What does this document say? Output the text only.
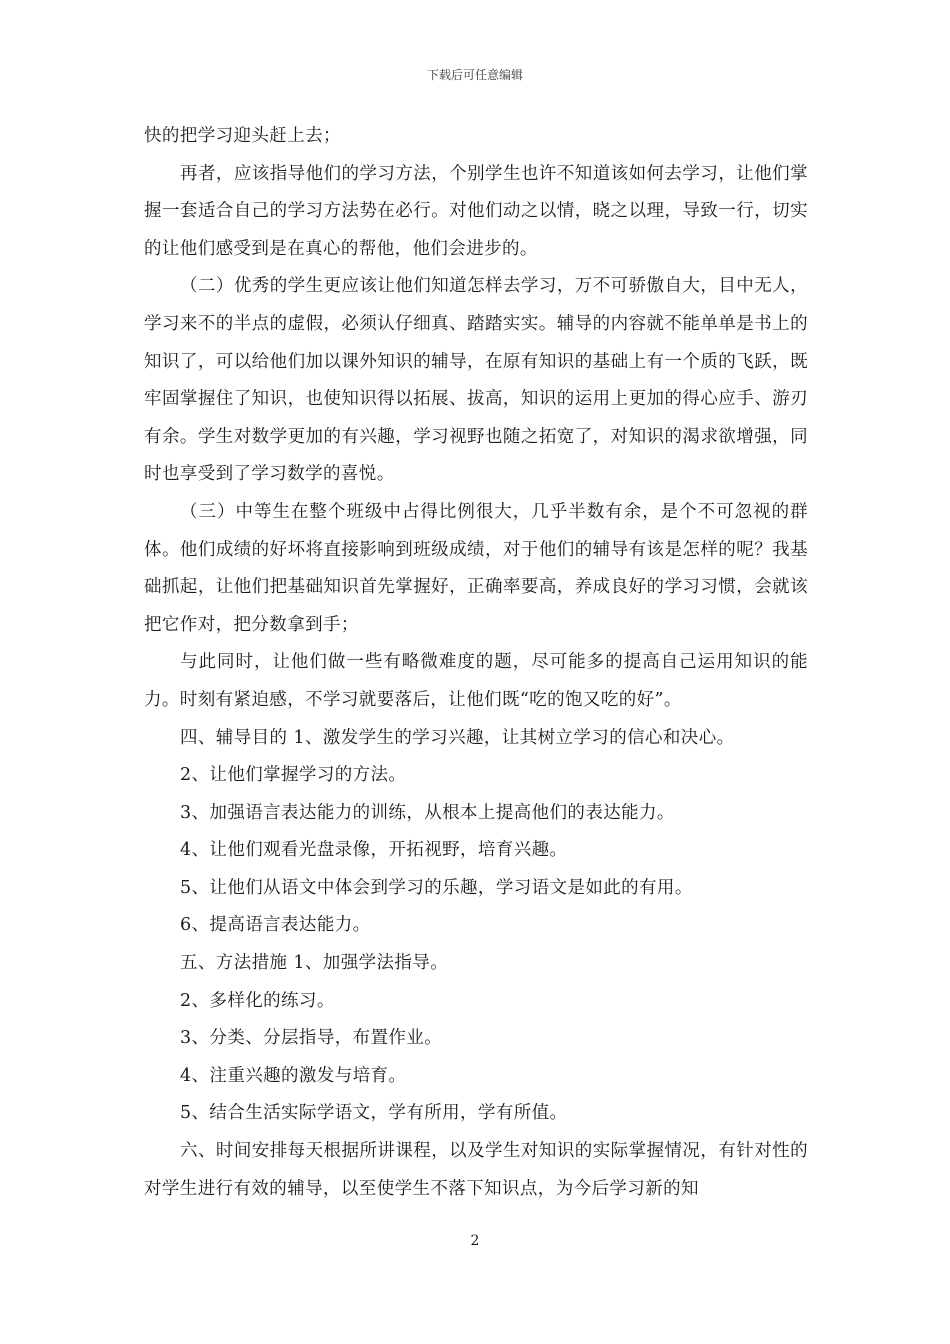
下载后可任意编辑

快的把学习迎头赶上去；

再者，应该指导他们的学习方法，个别学生也许不知道该如何去学习，让他们掌握一套适合自己的学习方法势在必行。对他们动之以情，晓之以理，导致一行，切实的让他们感受到是在真心的帮他，他们会进步的。

（二）优秀的学生更应该让他们知道怎样去学习，万不可骄傲自大，目中无人，学习来不的半点的虚假，必须认仔细真、踏踏实实。辅导的内容就不能单单是书上的知识了，可以给他们加以课外知识的辅导，在原有知识的基础上有一个质的飞跃，既牢固掌握住了知识，也使知识得以拓展、拔高，知识的运用上更加的得心应手、游刃有余。学生对数学更加的有兴趣，学习视野也随之拓宽了，对知识的渴求欲增强，同时也享受到了学习数学的喜悦。

（三）中等生在整个班级中占得比例很大，几乎半数有余，是个不可忽视的群体。他们成绩的好坏将直接影响到班级成绩，对于他们的辅导有该是怎样的呢？我基础抓起，让他们把基础知识首先掌握好，正确率要高，养成良好的学习习惯，会就该把它作对，把分数拿到手；

与此同时，让他们做一些有略微难度的题，尽可能多的提高自己运用知识的能力。时刻有紧迫感，不学习就要落后，让他们既“吃的饱又吃的好”。

四、辅导目的 1、激发学生的学习兴趣，让其树立学习的信心和决心。

2、让他们掌握学习的方法。

3、加强语言表达能力的训练，从根本上提高他们的表达能力。

4、让他们观看光盘录像，开拓视野，培育兴趣。

5、让他们从语文中体会到学习的乐趣，学习语文是如此的有用。

6、提高语言表达能力。

五、方法措施 1、加强学法指导。

2、多样化的练习。

3、分类、分层指导，布置作业。

4、注重兴趣的激发与培育。

5、结合生活实际学语文，学有所用，学有所值。

六、时间安排每天根据所讲课程，以及学生对知识的实际掌握情况，有针对性的对学生进行有效的辅导，以至使学生不落下知识点，为今后学习新的知

2
